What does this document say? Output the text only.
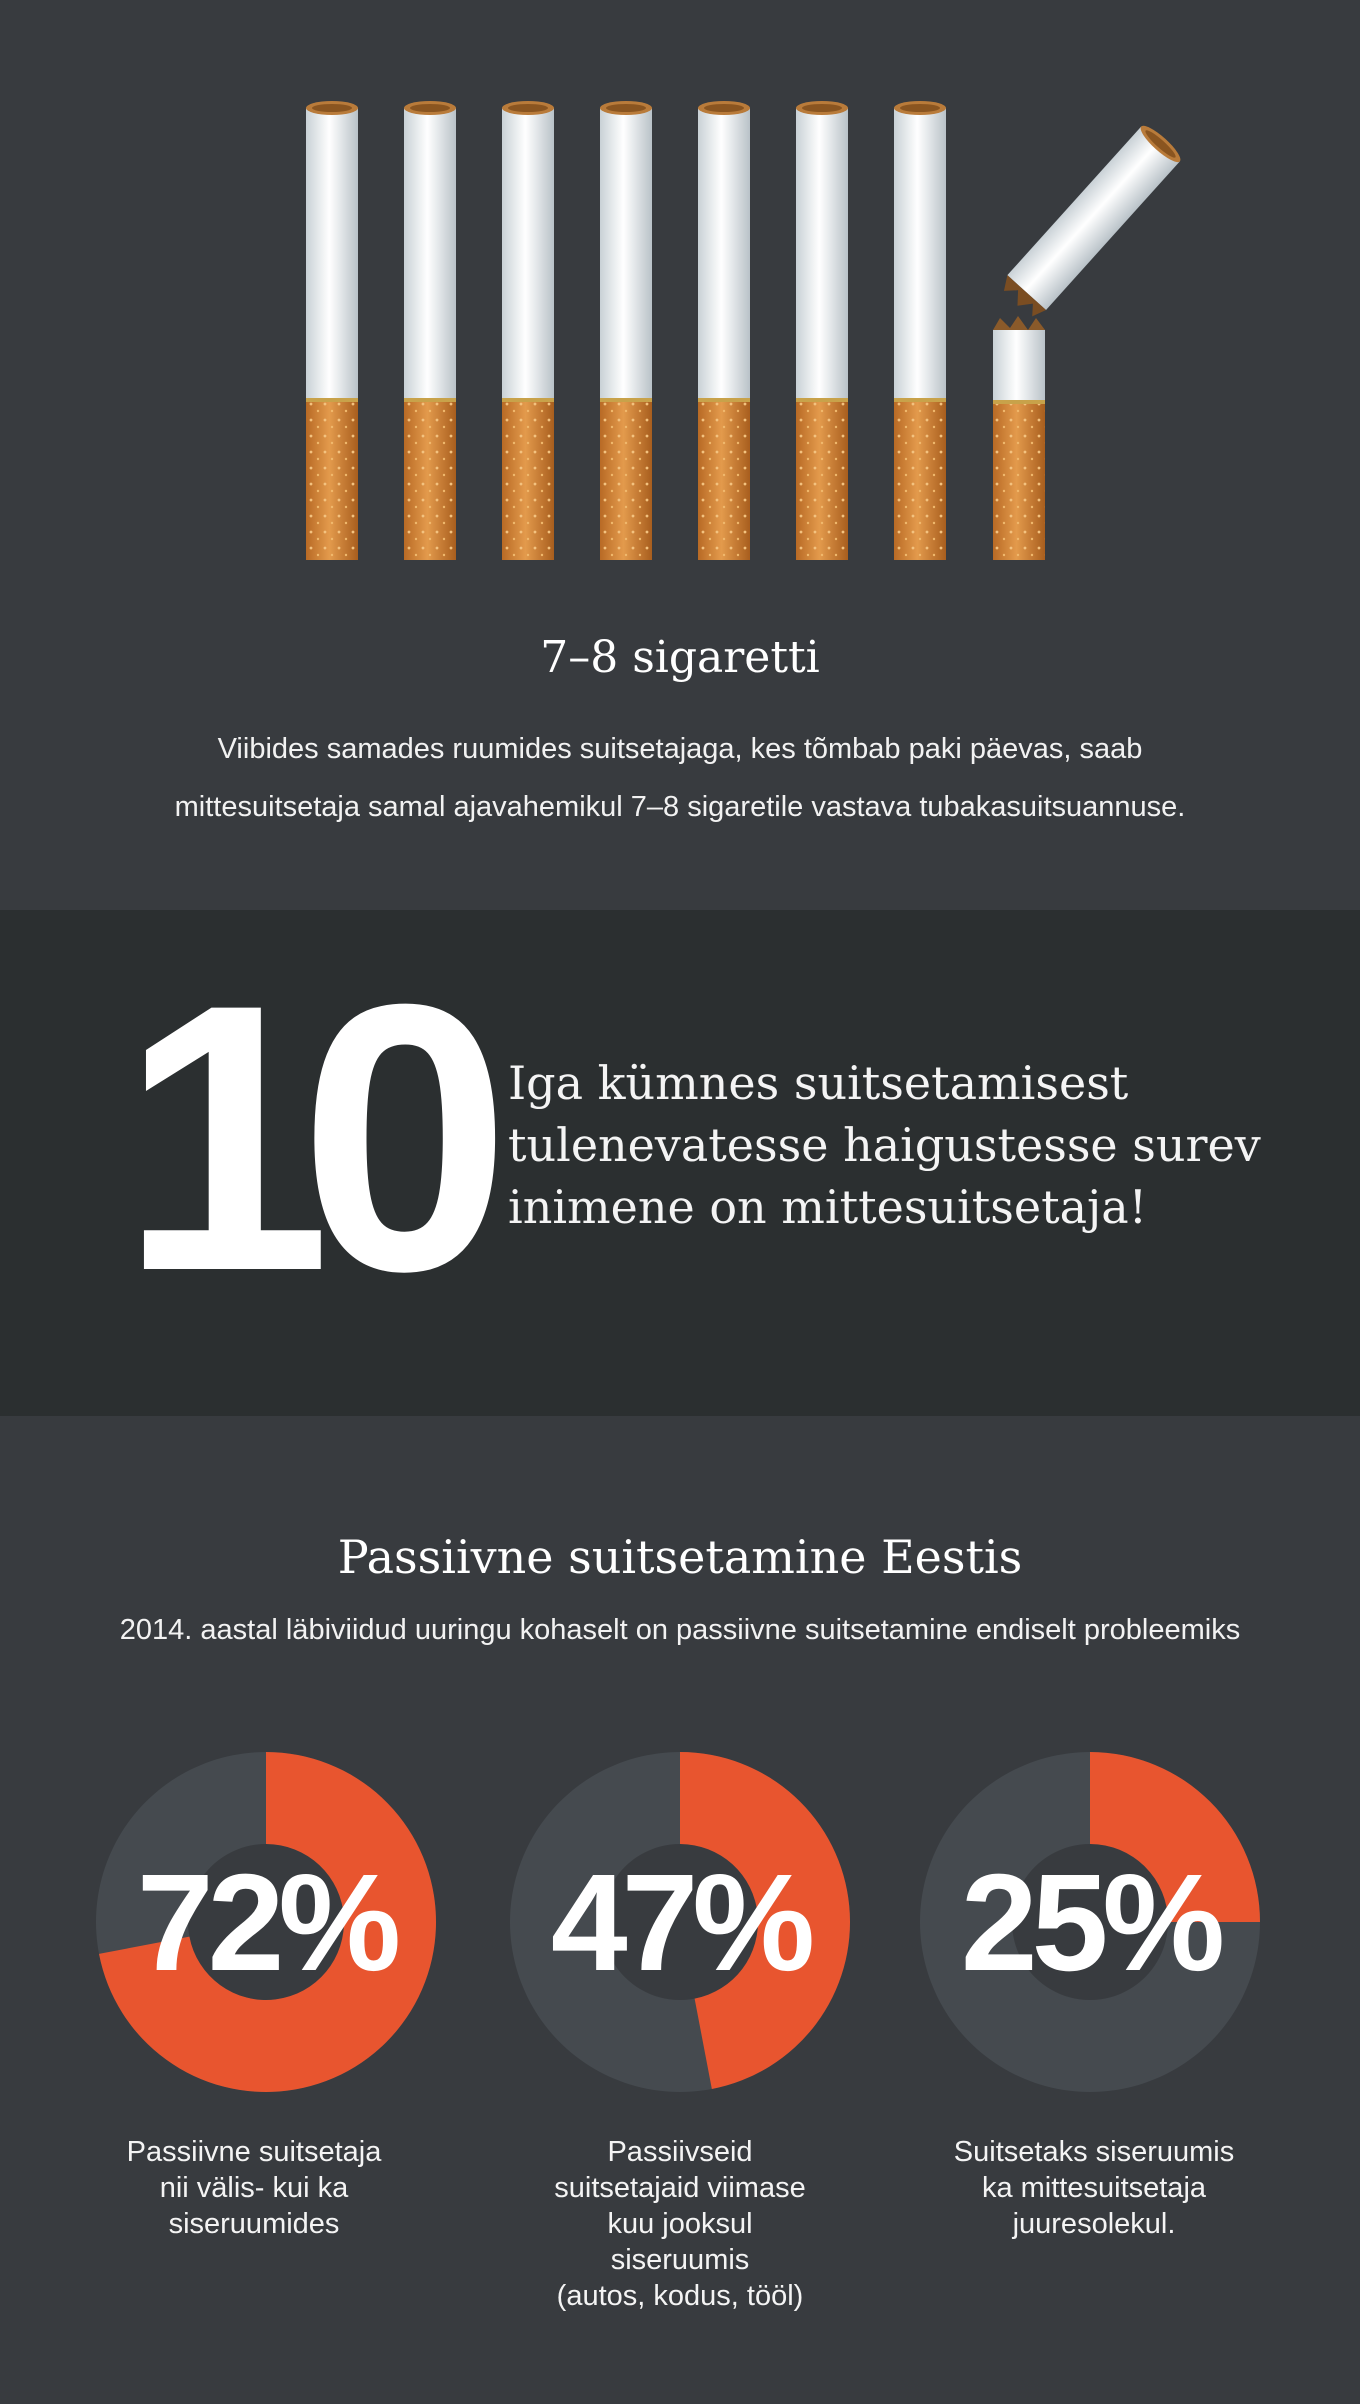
7–8 sigaretti

Viibides samades ruumides suitsetajaga, kes tõmbab paki päevas, saab
mittesuitsetaja samal ajavahemikul 7–8 sigaretile vastava tubakasuitsuannuse.

10 Iga kümnes suitsetamisest
tulenevatesse haigustesse surev
inimene on mittesuitsetaja!

Passiivne suitsetamine Eestis

2014. aastal läbiviidud uuringu kohaselt on passiivne suitsetamine endiselt probleemiks

72%

Passiivne suitsetaja
nii välis- kui ka
siseruumides

47%

Passiivseid
suitsetajaid viimase
kuu jooksul
siseruumis
(autos, kodus, tööl)

25%

Suitsetaks siseruumis
ka mittesuitsetaja
juuresolekul.
